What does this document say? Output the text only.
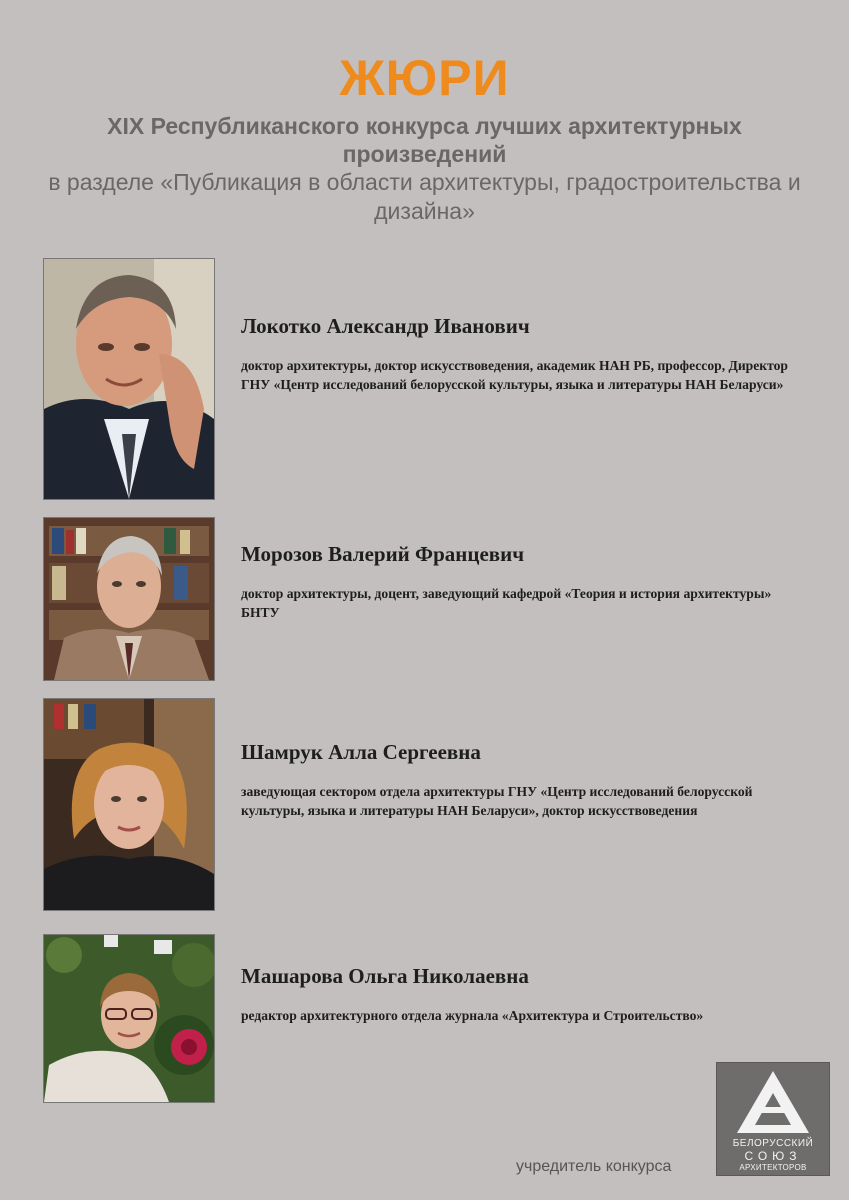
ЖЮРИ
XIX Республиканского конкурса лучших архитектурных произведений
в разделе «Публикация в области архитектуры, градостроительства и дизайна»
Локотко Александр Иванович
доктор архитектуры, доктор искусствоведения, академик НАН РБ, профессор, Директор ГНУ «Центр исследований белорусской культуры, языка и литературы НАН Беларуси»
Морозов Валерий Францевич
доктор архитектуры, доцент, заведующий кафедрой «Теория и история архитектуры» БНТУ
Шамрук Алла Сергеевна
заведующая сектором отдела архитектуры ГНУ «Центр исследований белорусской культуры, языка и литературы НАН Беларуси», доктор искусствоведения
Машарова Ольга Николаевна
редактор архитектурного отдела журнала «Архитектура и Строительство»
учредитель конкурса
БЕЛОРУССКИЙ
СОЮЗ
АРХИТЕКТОРОВ
